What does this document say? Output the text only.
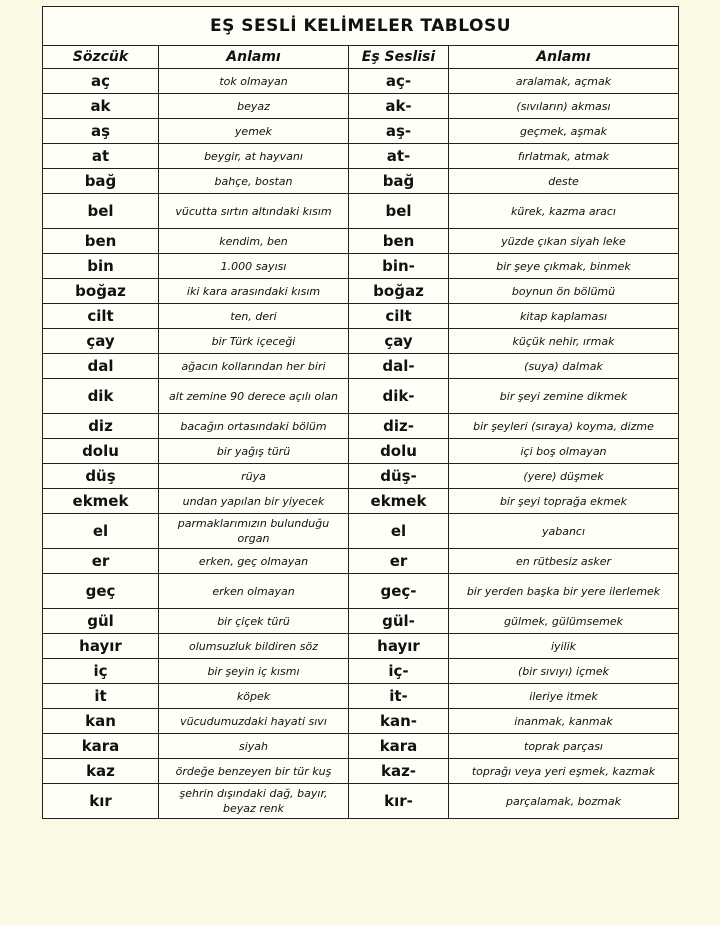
EŞ SESLİ KELİMELER TABLOSU			
Sözcük	Anlamı	Eş Seslisi	Anlamı
aç	tok olmayan	aç-	aralamak, açmak
ak	beyaz	ak-	(sıvıların) akması
aş	yemek	aş-	geçmek, aşmak
at	beygir, at hayvanı	at-	fırlatmak, atmak
bağ	bahçe, bostan	bağ	deste
bel	vücutta sırtın altındaki kısım	bel	kürek, kazma aracı
ben	kendim, ben	ben	yüzde çıkan siyah leke
bin	1.000 sayısı	bin-	bir şeye çıkmak, binmek
boğaz	iki kara arasındaki kısım	boğaz	boynun ön bölümü
cilt	ten, deri	cilt	kitap kaplaması
çay	bir Türk içeceği	çay	küçük nehir, ırmak
dal	ağacın kollarından her biri	dal-	(suya) dalmak
dik	alt zemine 90 derece açılı olan	dik-	bir şeyi zemine dikmek
diz	bacağın ortasındaki bölüm	diz-	bir şeyleri (sıraya) koyma, dizme
dolu	bir yağış türü	dolu	içi boş olmayan
düş	rüya	düş-	(yere) düşmek
ekmek	undan yapılan bir yiyecek	ekmek	bir şeyi toprağa ekmek
el	parmaklarımızın bulunduğu organ	el	yabancı
er	erken, geç olmayan	er	en rütbesiz asker
geç	erken olmayan	geç-	bir yerden başka bir yere ilerlemek
gül	bir çiçek türü	gül-	gülmek, gülümsemek
hayır	olumsuzluk bildiren söz	hayır	iyilik
iç	bir şeyin iç kısmı	iç-	(bir sıvıyı) içmek
it	köpek	it-	ileriye itmek
kan	vücudumuzdaki hayati sıvı	kan-	inanmak, kanmak
kara	siyah	kara	toprak parçası
kaz	ördeğe benzeyen bir tür kuş	kaz-	toprağı veya yeri eşmek, kazmak
kır	şehrin dışındaki dağ, bayır, beyaz renk	kır-	parçalamak, bozmak
